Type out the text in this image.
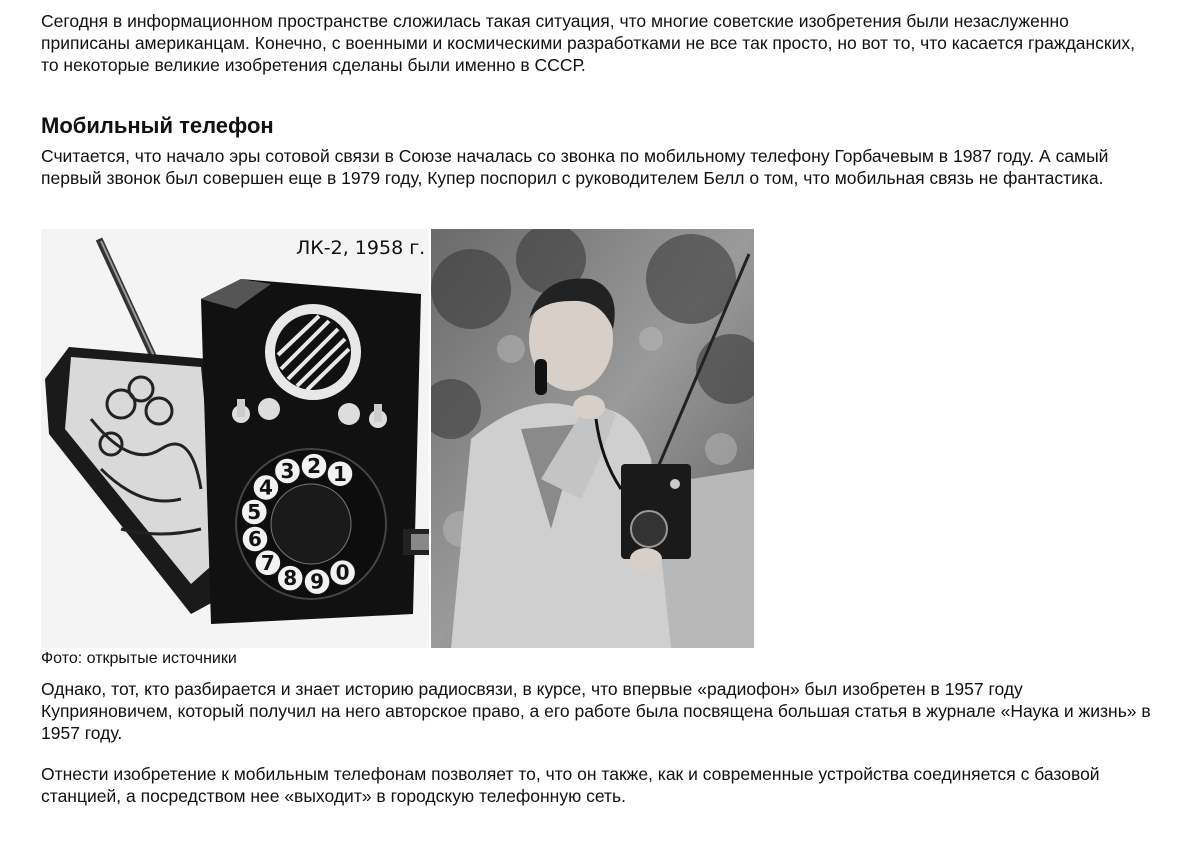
Сегодня в информационном пространстве сложилась такая ситуация, что многие советские изобретения были незаслуженно приписаны американцам. Конечно, с военными и космическими разработками не все так просто, но вот то, что касается гражданских, то некоторые великие изобретения сделаны были именно в СССР.

Мобильный телефон

Считается, что начало эры сотовой связи в Союзе началась со звонка по мобильному телефону Горбачевым в 1987 году. А самый первый звонок был совершен еще в 1979 году, Купер поспорил с руководителем Белл о том, что мобильная связь не фантастика.

1
2
3
4
5
6
7
8 9 0
ЛК-2, 1958 г.
Фото: открытые источники

Однако, тот, кто разбирается и знает историю радиосвязи, в курсе, что впервые «радиофон» был изобретен в 1957 году Куприяновичем, который получил на него авторское право, а его работе была посвящена большая статья в журнале «Наука и жизнь» в 1957 году.

Отнести изобретение к мобильным телефонам позволяет то, что он также, как и современные устройства соединяется с базовой станцией, а посредством нее «выходит» в городскую телефонную сеть.
